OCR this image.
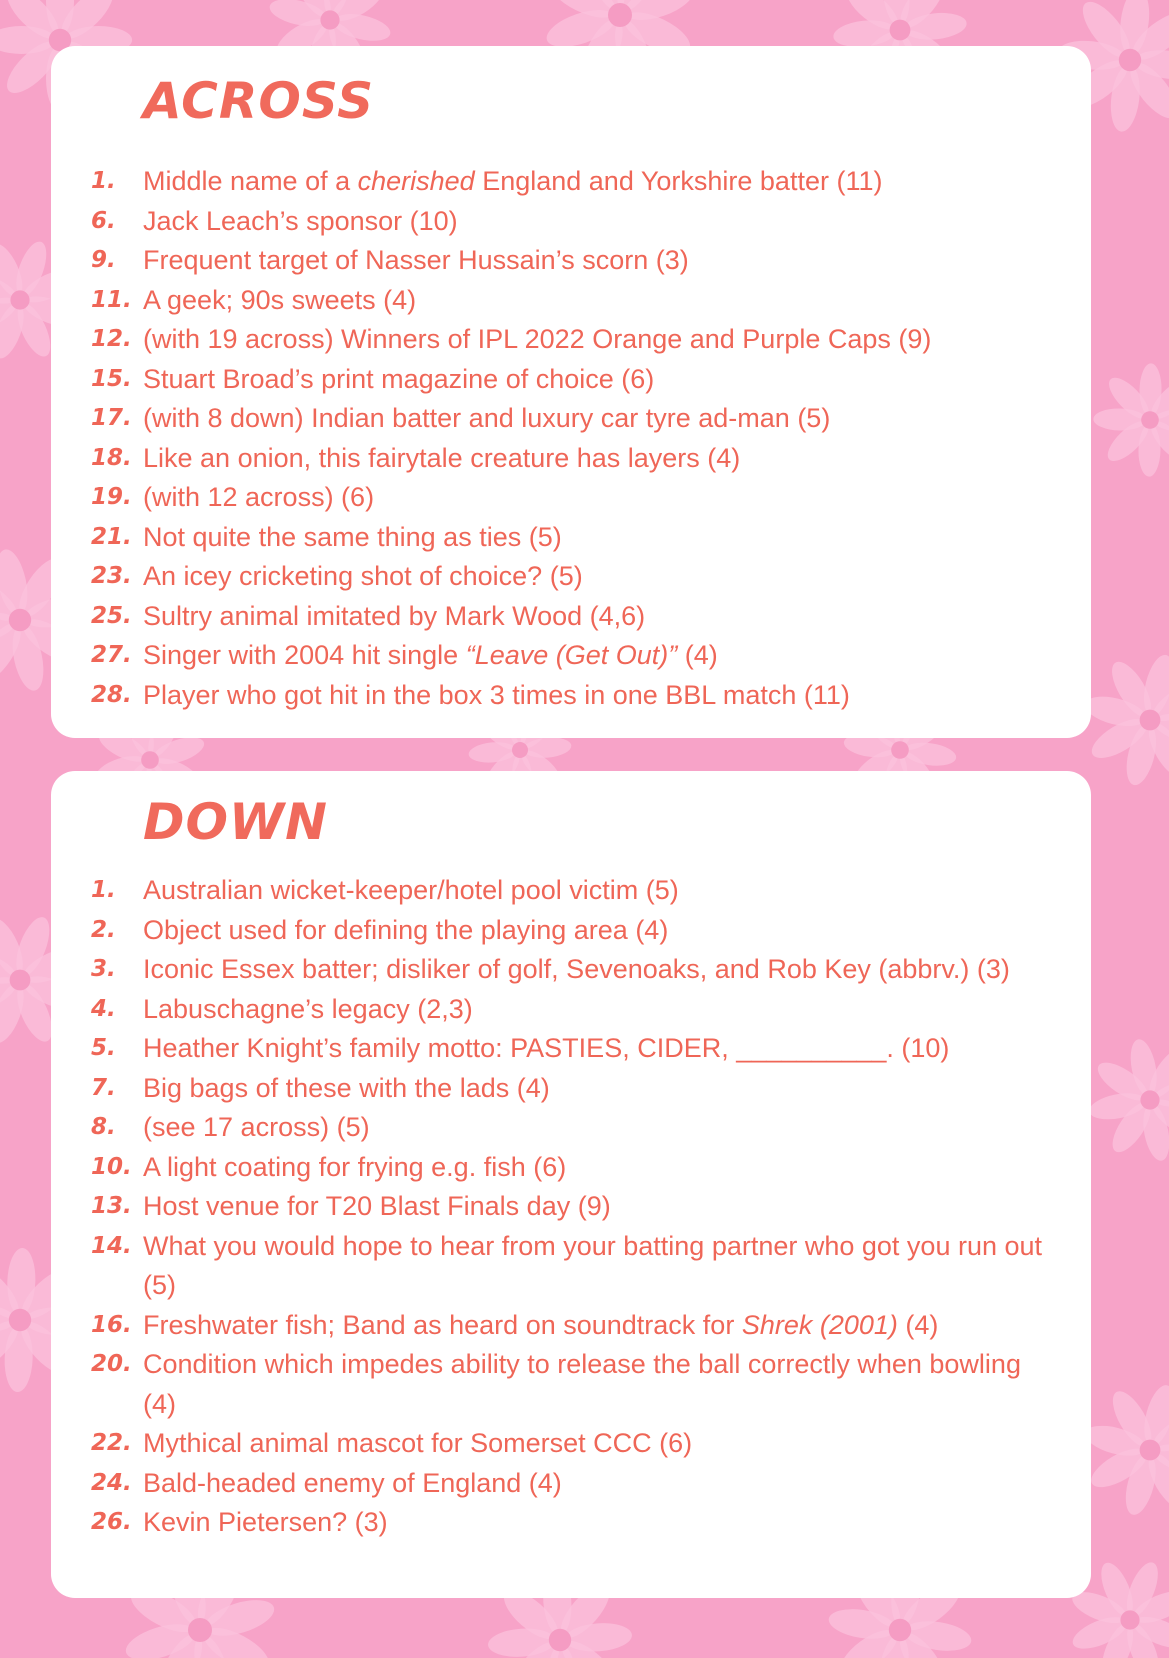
ACROSS
1.	Middle name of a cherished England and Yorkshire batter (11)
6.	Jack Leach’s sponsor (10)
9.	Frequent target of Nasser Hussain’s scorn (3)
11. A geek; 90s sweets (4)
12. (with 19 across) Winners of IPL 2022 Orange and Purple Caps (9)
15. Stuart Broad’s print magazine of choice (6)
17. (with 8 down) Indian batter and luxury car tyre ad-man (5)
18. Like an onion, this fairytale creature has layers (4)
19. (with 12 across) (6)
21. Not quite the same thing as ties (5)
23. An icey cricketing shot of choice? (5)
25. Sultry animal imitated by Mark Wood (4,6)
27. Singer with 2004 hit single “Leave (Get Out)” (4)
28. Player who got hit in the box 3 times in one BBL match (11)
DOWN
1.	Australian wicket-keeper/hotel pool victim (5)
2.	Object used for defining the playing area (4)
3.	Iconic Essex batter; disliker of golf, Sevenoaks, and Rob Key (abbrv.) (3)
4.	Labuschagne’s legacy (2,3)
5.	Heather Knight’s family motto: PASTIES, CIDER, __________. (10)
7.	Big bags of these with the lads (4)
8.	(see 17 across) (5)
10. A light coating for frying e.g. fish (6)
13. Host venue for T20 Blast Finals day (9)
14. What you would hope to hear from your batting partner who got you run out (5)
16. Freshwater fish; Band as heard on soundtrack for Shrek (2001) (4)
20. Condition which impedes ability to release the ball correctly when bowling (4)
22. Mythical animal mascot for Somerset CCC (6)
24. Bald-headed enemy of England (4)
26. Kevin Pietersen? (3)
